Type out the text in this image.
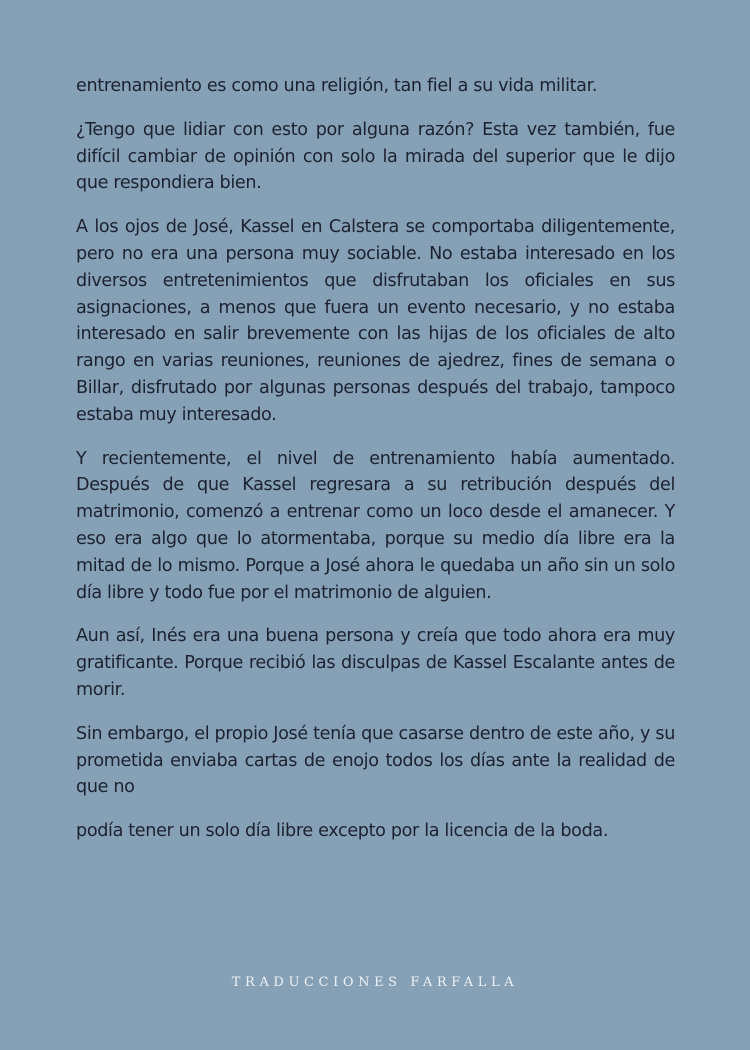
entrenamiento es como una religión, tan fiel a su vida militar.

¿Tengo que lidiar con esto por alguna razón? Esta vez también, fue difícil cambiar de opinión con solo la mirada del superior que le dijo que respondiera bien.

A los ojos de José, Kassel en Calstera se comportaba diligentemente, pero no era una persona muy sociable. No estaba interesado en los diversos entretenimientos que disfrutaban los oficiales en sus asignaciones, a menos que fuera un evento necesario, y no estaba interesado en salir brevemente con las hijas de los oficiales de alto rango en varias reuniones, reuniones de ajedrez, fines de semana o Billar, disfrutado por algunas personas después del trabajo, tampoco estaba muy interesado.

Y recientemente, el nivel de entrenamiento había aumentado. Después de que Kassel regresara a su retribución después del matrimonio, comenzó a entrenar como un loco desde el amanecer. Y eso era algo que lo atormentaba, porque su medio día libre era la mitad de lo mismo. Porque a José ahora le quedaba un año sin un solo día libre y todo fue por el matrimonio de alguien.

Aun así, Inés era una buena persona y creía que todo ahora era muy gratificante. Porque recibió las disculpas de Kassel Escalante antes de morir.

Sin embargo, el propio José tenía que casarse dentro de este año, y su prometida enviaba cartas de enojo todos los días ante la realidad de que no

podía tener un solo día libre excepto por la licencia de la boda.

TRADUCCIONES FARFALLA
